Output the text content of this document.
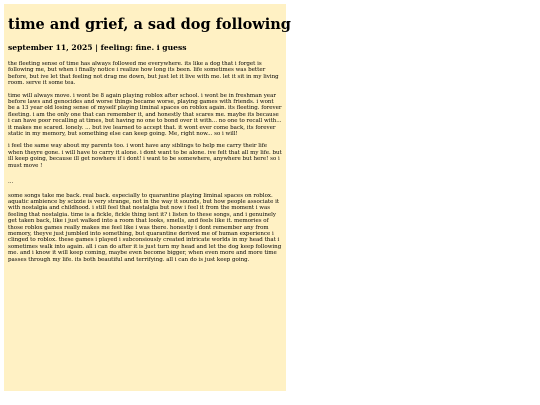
time and grief, a sad dog following
september 11, 2025 | feeling: fine. i guess

the fleeting sense of time has always followed me everywhere. its like a dog that i forget is following me, but when i finally notice i realize how long its been. life sometimes was better before, but ive let that feeling not drag me down, but just let it live with me. let it sit in my living room. serve it some tea.

time will always move. i wont be 8 again playing roblox after school. i wont be in freshman year before laws and genocides and worse things became worse, playing games with friends. i wont be a 13 year old losing sense of myself playing liminal spaces on roblox again. its fleeting. forever fleeting. i am the only one that can remember it, and honestly that scares me. maybe its because i can have poor recalling at times, but having no one to bond over it with... no one to recall with... it makes me scared. lonely. ... but ive learned to accept that. it wont ever come back, its forever static in my memory, but something else can keep going. Me, right now... so i will!

i feel the same way about my parents too. i wont have any siblings to help me carry their life when theyre gone. i will have to carry it alone. i dont want to be alone. ive felt that all my life. but ill keep going, because ill get nowhere if i dont! i want to be somewhere, anywhere but here! so i must move !

...

some songs take me back. real back. especially to quarantine playing liminal spaces on roblox. aquatic ambience by scizzie is very strange, not in the way it sounds, but how people associate it with nostalgia and childhood. i still feel that nostalgia but now i feel it from the moment i was feeling that nostalgia. time is a fickle, fickle thing isnt it? i listen to these songs, and i genuinely get taken back, like i just walked into a room that looks, smells, and feels like it. memories of those roblox games really makes me feel like i was there. honestly i dont remember any from memory, theyve just jumbled into something, but quarantine derived me of human experience i clinged to roblox. these games i played i subconsiously created intricate worlds in my head that i sometimes walk into again. all i can do after it is just turn my head and let the dog keep following me. and i know it will keep coming, maybe even become bigger, when even more and more time passes through my life. its both beautiful and terrifying. all i can do is just keep going.
